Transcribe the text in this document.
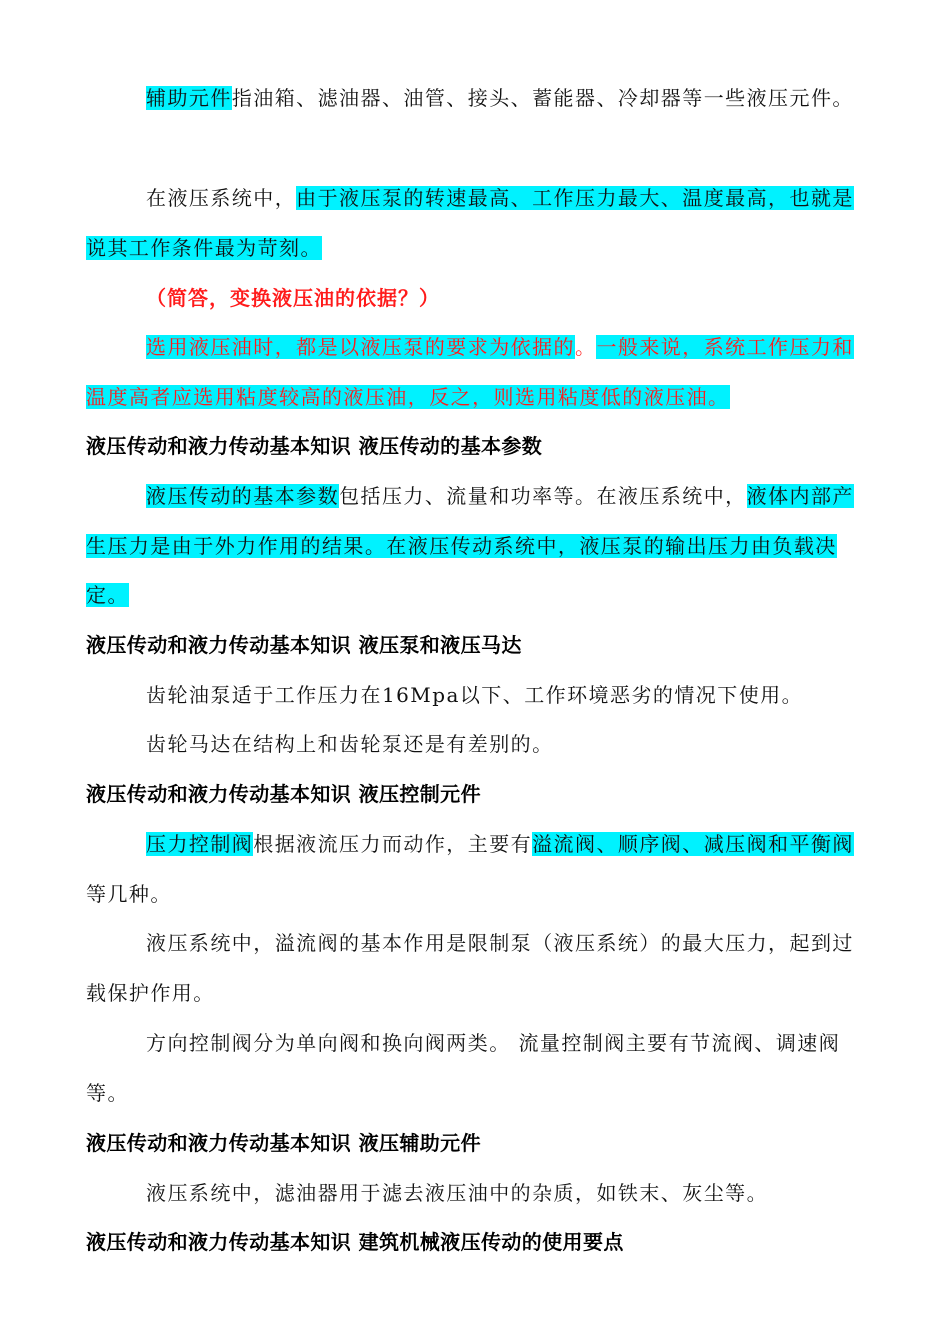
辅助元件指油箱、滤油器、油管、接头、蓄能器、冷却器等一些液压元件。

在液压系统中，由于液压泵的转速最高、工作压力最大、温度最高，也就是说其工作条件最为苛刻。

（简答，变换液压油的依据？）

选用液压油时，都是以液压泵的要求为依据的。一般来说，系统工作压力和温度高者应选用粘度较高的液压油，反之，则选用粘度低的液压油。

液压传动和液力传动基本知识 液压传动的基本参数

液压传动的基本参数包括压力、流量和功率等。在液压系统中，液体内部产生压力是由于外力作用的结果。在液压传动系统中，液压泵的输出压力由负载决定。

液压传动和液力传动基本知识 液压泵和液压马达

齿轮油泵适于工作压力在16Mpa以下、工作环境恶劣的情况下使用。

齿轮马达在结构上和齿轮泵还是有差别的。

液压传动和液力传动基本知识 液压控制元件

压力控制阀根据液流压力而动作，主要有溢流阀、顺序阀、减压阀和平衡阀等几种。

液压系统中，溢流阀的基本作用是限制泵（液压系统）的最大压力，起到过载保护作用。

方向控制阀分为单向阀和换向阀两类。 流量控制阀主要有节流阀、调速阀等。

液压传动和液力传动基本知识 液压辅助元件

液压系统中，滤油器用于滤去液压油中的杂质，如铁末、灰尘等。

液压传动和液力传动基本知识 建筑机械液压传动的使用要点
